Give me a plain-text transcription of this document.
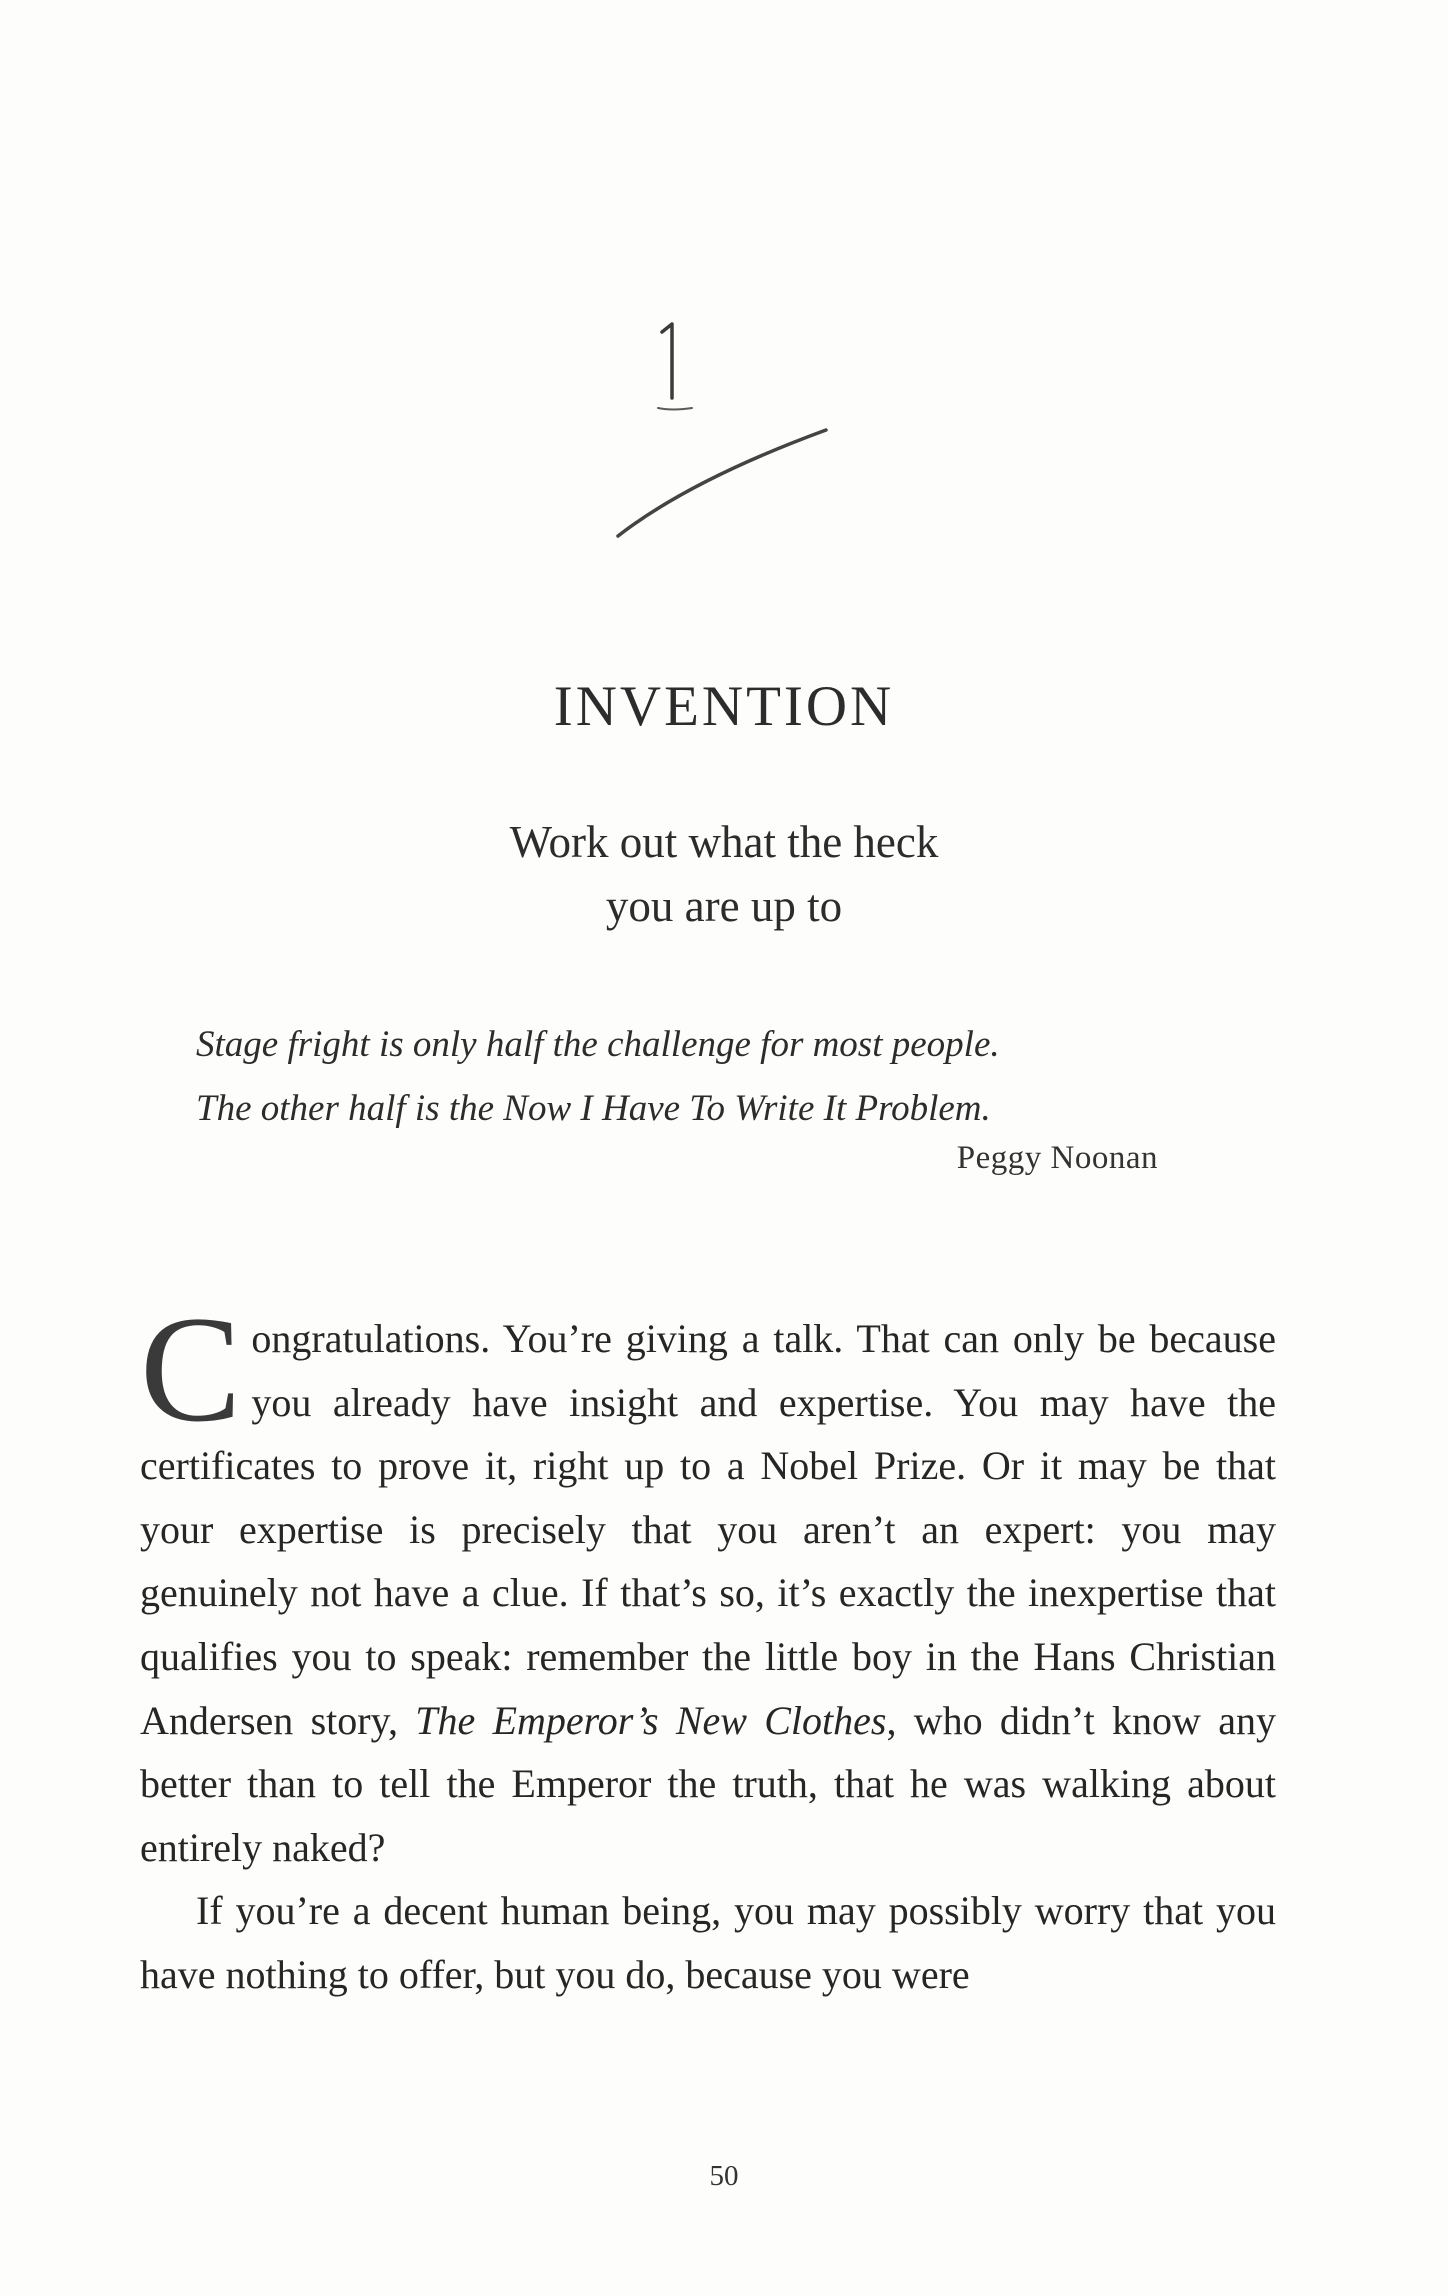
INVENTION
Work out what the heck
you are up to
Stage fright is only half the challenge for most people.
The other half is the Now I Have To Write It Problem.
Peggy Noonan

Congratulations. You’re giving a talk. That can only be because you already have insight and expertise. You may have the certificates to prove it, right up to a Nobel Prize. Or it may be that your expertise is precisely that you aren’t an expert: you may genuinely not have a clue. If that’s so, it’s exactly the inexpertise that qualifies you to speak: remember the little boy in the Hans Christian Andersen story, The Emperor’s New Clothes, who didn’t know any better than to tell the Emperor the truth, that he was walking about entirely naked?

If you’re a decent human being, you may possibly worry that you have nothing to offer, but you do, because you were

50
